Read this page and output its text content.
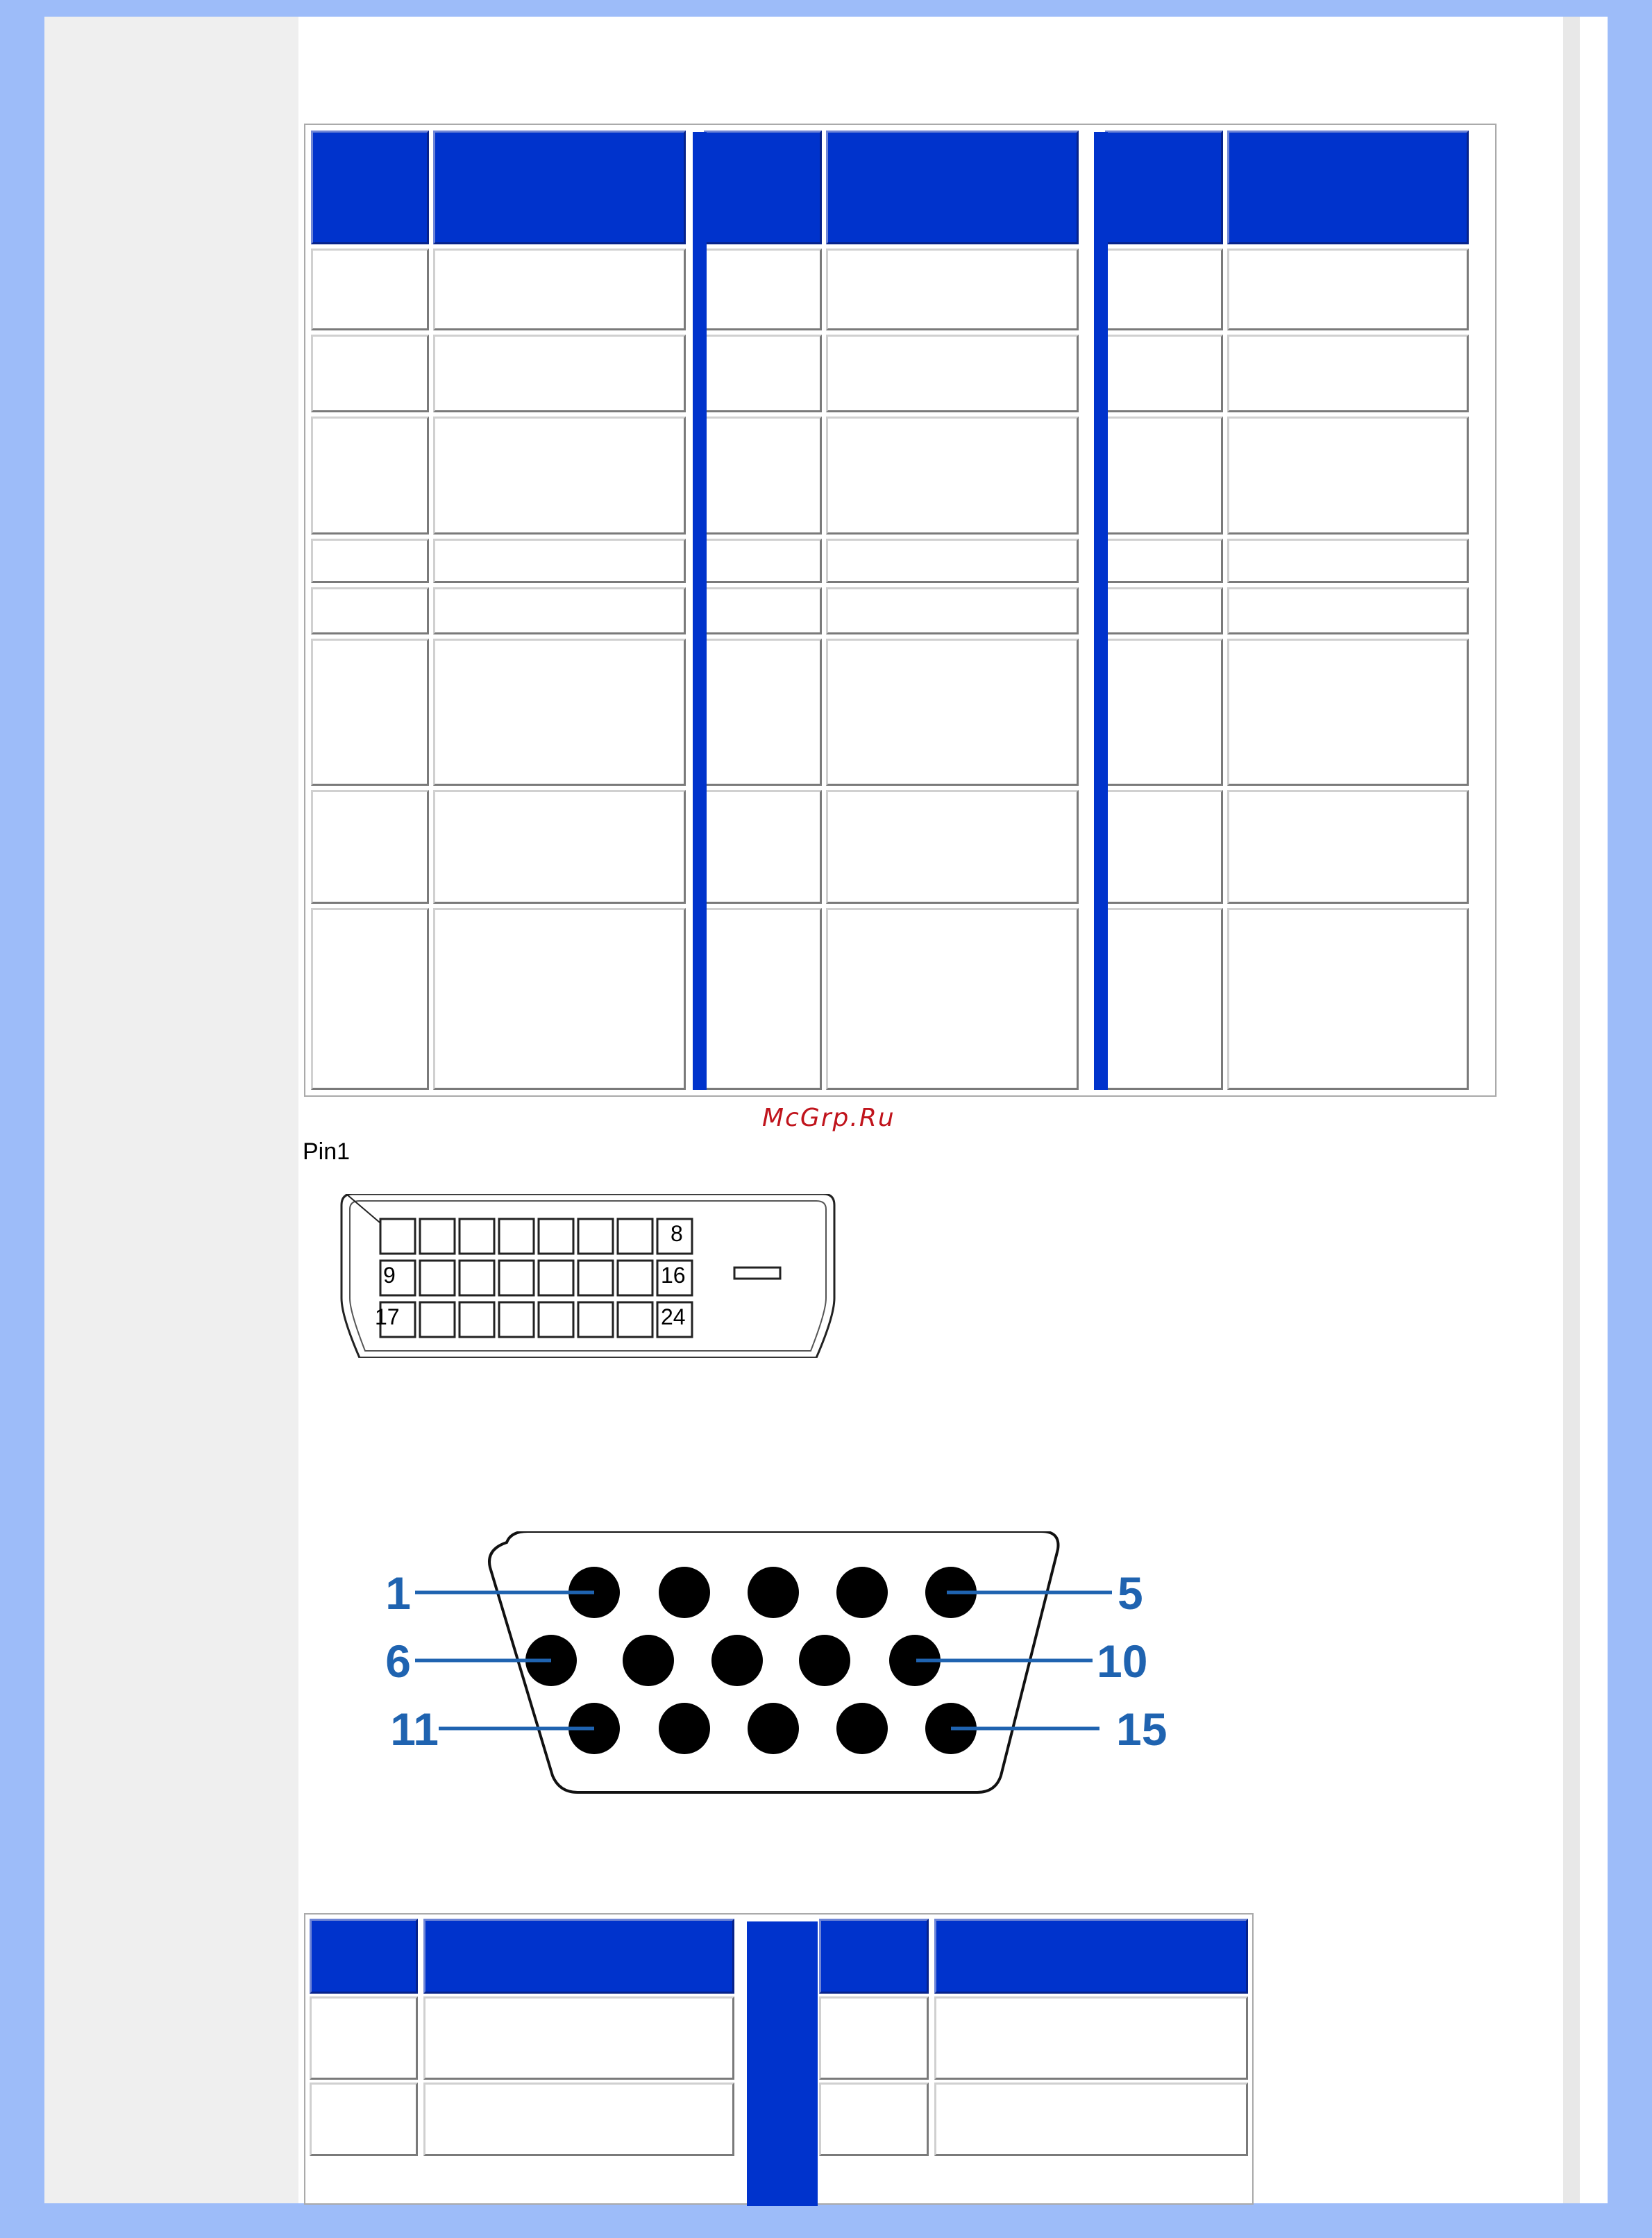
McGrp.Ru
Pin1
8
9	16
17	24
1
6
11
5
10
15
